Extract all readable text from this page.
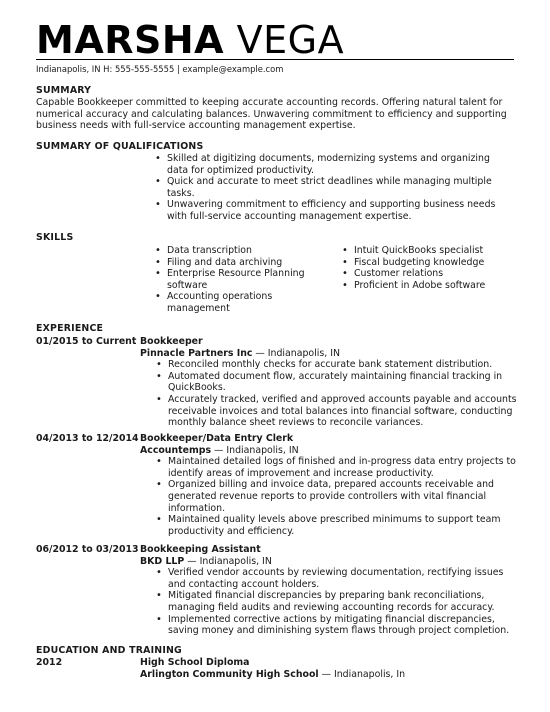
MARSHA VEGA
Indianapolis, IN H: 555-555-5555 | example@example.com
SUMMARY
Capable Bookkeeper committed to keeping accurate accounting records. Offering natural talent for numerical accuracy and calculating balances. Unwavering commitment to efficiency and supporting business needs with full-service accounting management expertise.
SUMMARY OF QUALIFICATIONS
• Skilled at digitizing documents, modernizing systems and organizing data for optimized productivity.
• Quick and accurate to meet strict deadlines while managing multiple tasks.
• Unwavering commitment to efficiency and supporting business needs with full-service accounting management expertise.
SKILLS
• Data transcription
• Filing and data archiving
• Enterprise Resource Planning software
• Accounting operations management
• Intuit QuickBooks specialist
• Fiscal budgeting knowledge
• Customer relations
• Proficient in Adobe software
EXPERIENCE
01/2015 to Current Bookkeeper
Pinnacle Partners Inc — Indianapolis, IN
• Reconciled monthly checks for accurate bank statement distribution.
• Automated document flow, accurately maintaining financial tracking in QuickBooks.
• Accurately tracked, verified and approved accounts payable and accounts receivable invoices and total balances into financial software, conducting monthly balance sheet reviews to reconcile variances.
04/2013 to 12/2014 Bookkeeper/Data Entry Clerk
Accountemps — Indianapolis, IN
• Maintained detailed logs of finished and in-progress data entry projects to identify areas of improvement and increase productivity.
• Organized billing and invoice data, prepared accounts receivable and generated revenue reports to provide controllers with vital financial information.
• Maintained quality levels above prescribed minimums to support team productivity and efficiency.
06/2012 to 03/2013 Bookkeeping Assistant
BKD LLP — Indianapolis, IN
• Verified vendor accounts by reviewing documentation, rectifying issues and contacting account holders.
• Mitigated financial discrepancies by preparing bank reconciliations, managing field audits and reviewing accounting records for accuracy.
• Implemented corrective actions by mitigating financial discrepancies, saving money and diminishing system flaws through project completion.
EDUCATION AND TRAINING
2012	High School Diploma
Arlington Community High School — Indianapolis, In
